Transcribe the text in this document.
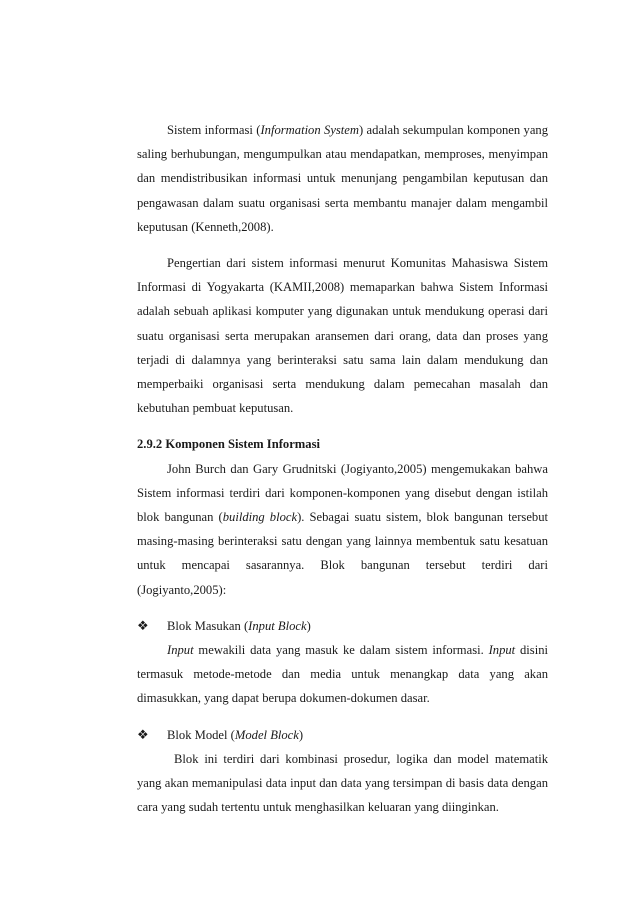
Sistem informasi (Information System) adalah sekumpulan komponen yang saling berhubungan, mengumpulkan atau mendapatkan, memproses, menyimpan dan mendistribusikan informasi untuk menunjang pengambilan keputusan dan pengawasan dalam suatu organisasi serta membantu manajer dalam mengambil keputusan (Kenneth,2008).

Pengertian dari sistem informasi menurut Komunitas Mahasiswa Sistem Informasi di Yogyakarta (KAMII,2008) memaparkan bahwa Sistem Informasi adalah sebuah aplikasi komputer yang digunakan untuk mendukung operasi dari suatu organisasi serta merupakan aransemen dari orang, data dan proses yang terjadi di dalamnya yang berinteraksi satu sama lain dalam mendukung dan memperbaiki organisasi serta mendukung dalam pemecahan masalah dan kebutuhan pembuat keputusan.

2.9.2 Komponen Sistem Informasi

John Burch dan Gary Grudnitski (Jogiyanto,2005) mengemukakan bahwa Sistem informasi terdiri dari komponen-komponen yang disebut dengan istilah blok bangunan (building block). Sebagai suatu sistem, blok bangunan tersebut masing-masing berinteraksi satu dengan yang lainnya membentuk satu kesatuan untuk mencapai sasarannya. Blok bangunan tersebut terdiri dari (Jogiyanto,2005):

❖	Blok Masukan (Input Block)

Input mewakili data yang masuk ke dalam sistem informasi. Input disini termasuk metode-metode dan media untuk menangkap data yang akan dimasukkan, yang dapat berupa dokumen-dokumen dasar.

❖	Blok Model (Model Block)

Blok ini terdiri dari kombinasi prosedur, logika dan model matematik yang akan memanipulasi data input dan data yang tersimpan di basis data dengan cara yang sudah tertentu untuk menghasilkan keluaran yang diinginkan.
